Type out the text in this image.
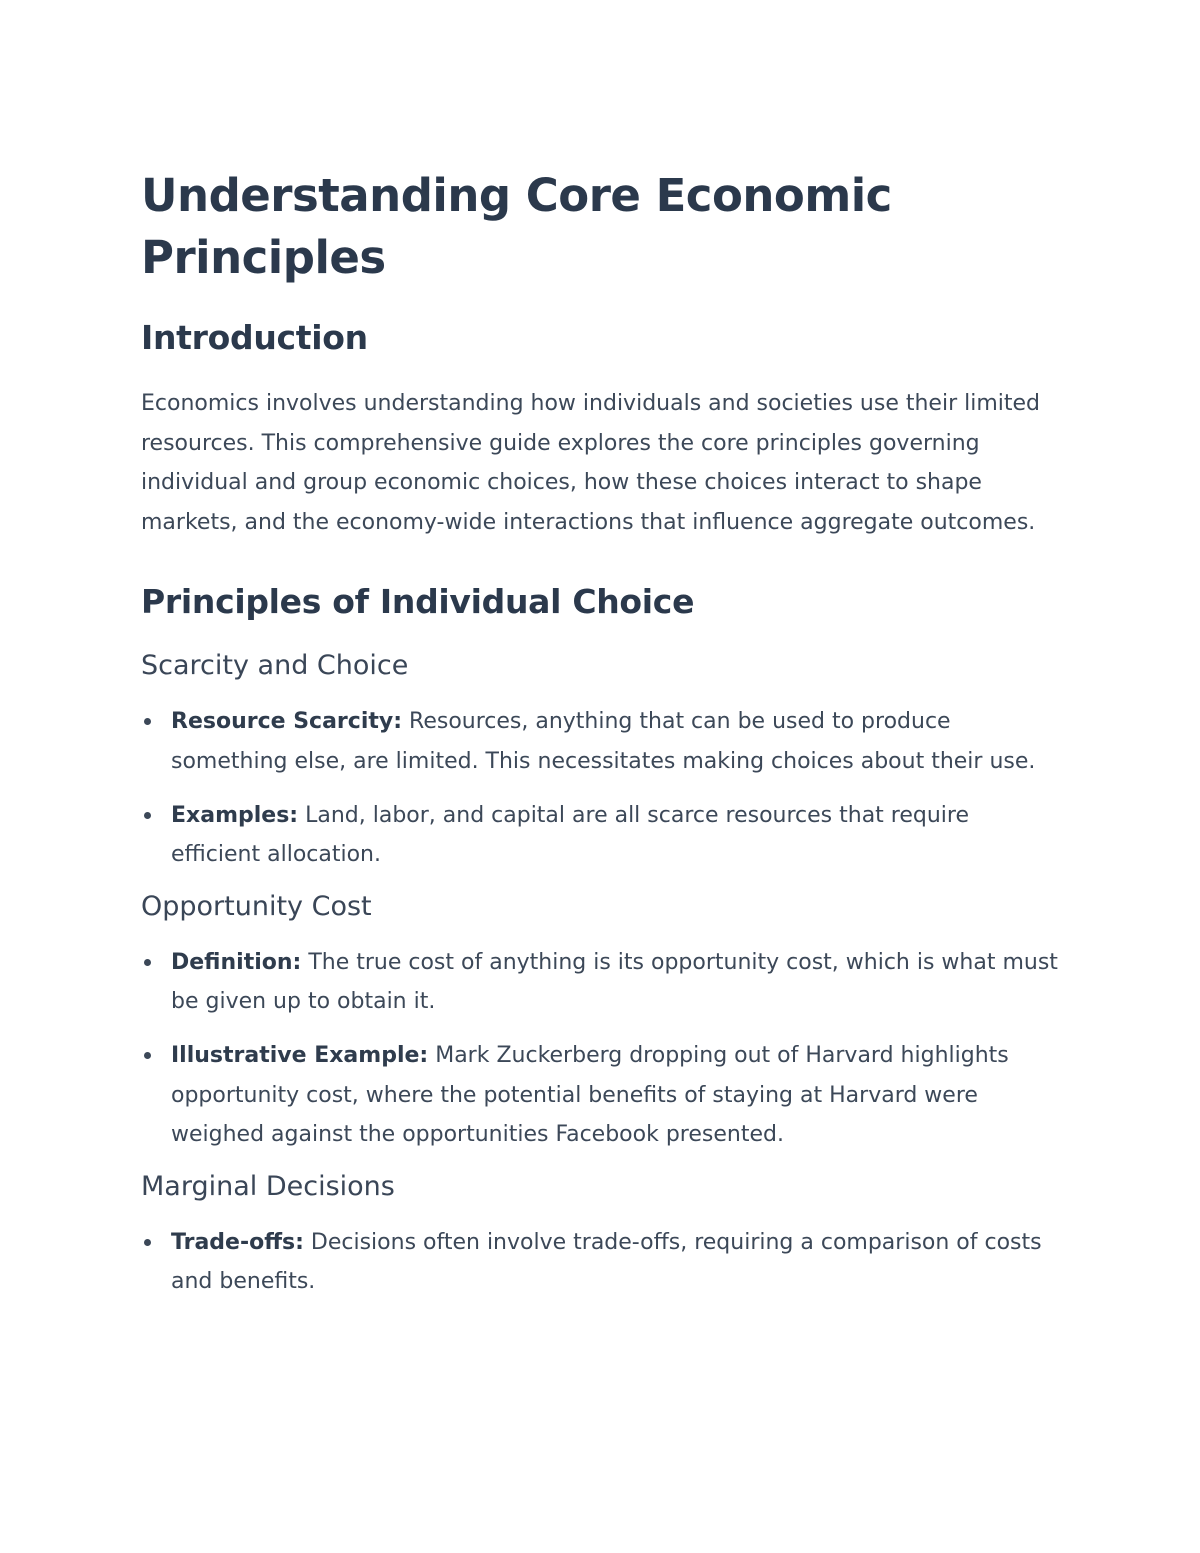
Understanding Core Economic Principles
Introduction

Economics involves understanding how individuals and societies use their limited resources. This comprehensive guide explores the core principles governing individual and group economic choices, how these choices interact to shape markets, and the economy-wide interactions that influence aggregate outcomes.

Principles of Individual Choice
Scarcity and Choice
Resource Scarcity: Resources, anything that can be used to produce something else, are limited. This necessitates making choices about their use.
Examples: Land, labor, and capital are all scarce resources that require efficient allocation.
Opportunity Cost
Definition: The true cost of anything is its opportunity cost, which is what must be given up to obtain it.
Illustrative Example: Mark Zuckerberg dropping out of Harvard highlights opportunity cost, where the potential benefits of staying at Harvard were weighed against the opportunities Facebook presented.
Marginal Decisions
Trade-offs: Decisions often involve trade-offs, requiring a comparison of costs and benefits.
